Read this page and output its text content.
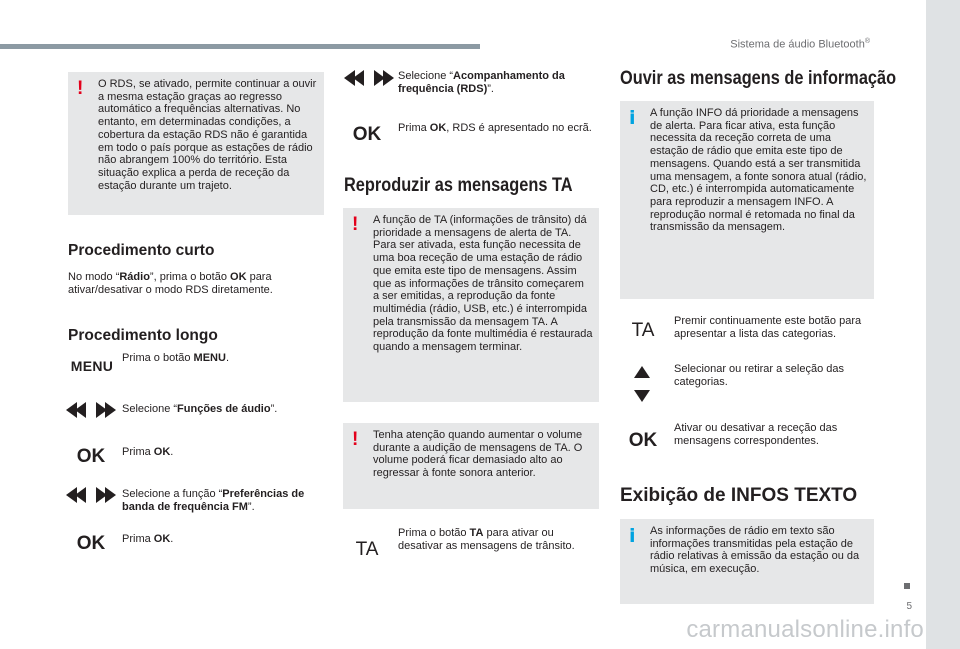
Sistema de áudio Bluetooth®
5
! O RDS, se ativado, permite continuar a ouvir a mesma estação graças ao regresso automático a frequências alternativas. No entanto, em determinadas condições, a cobertura da estação RDS não é garantida em todo o país porque as estações de rádio não abrangem 100% do território. Esta situação explica a perda de receção da estação durante um trajeto.
Procedimento curto
No modo “Rádio”, prima o botão OK para ativar/desativar o modo RDS diretamente.
Procedimento longo
MENU Prima o botão MENU.
Selecione “Funções de áudio”.
OK	Prima OK.
Selecione a função “Preferências de banda de frequência FM”.
OK	Prima OK.
Selecione “Acompanhamento da frequência (RDS)”.
OK	Prima OK, RDS é apresentado no ecrã.
Reproduzir as mensagens TA
! A função de TA (informações de trânsito) dá prioridade a mensagens de alerta de TA. Para ser ativada, esta função necessita de uma boa receção de uma estação de rádio que emita este tipo de mensagens. Assim que as informações de trânsito começarem a ser emitidas, a reprodução da fonte multimédia (rádio, USB, etc.) é interrompida pela transmissão da mensagem TA. A reprodução da fonte multimédia é restaurada quando a mensagem terminar.
! Tenha atenção quando aumentar o volume durante a audição de mensagens de TA. O volume poderá ficar demasiado alto ao regressar à fonte sonora anterior.
TA
Prima o botão TA para ativar ou desativar as mensagens de trânsito.
Ouvir as mensagens de informação
i A função INFO dá prioridade a mensagens de alerta. Para ficar ativa, esta função necessita da receção correta de uma estação de rádio que emita este tipo de mensagens. Quando está a ser transmitida uma mensagem, a fonte sonora atual (rádio, CD, etc.) é interrompida automaticamente para reproduzir a mensagem INFO. A reprodução normal é retomada no final da transmissão da mensagem.
TA	Premir continuamente este botão para apresentar a lista das categorias.
Selecionar ou retirar a seleção das categorias.
OK
Ativar ou desativar a receção das mensagens correspondentes.
Exibição de INFOS TEXTO
i As informações de rádio em texto são informações transmitidas pela estação de rádio relativas à emissão da estação ou da música, em execução.
carmanualsonline.info
